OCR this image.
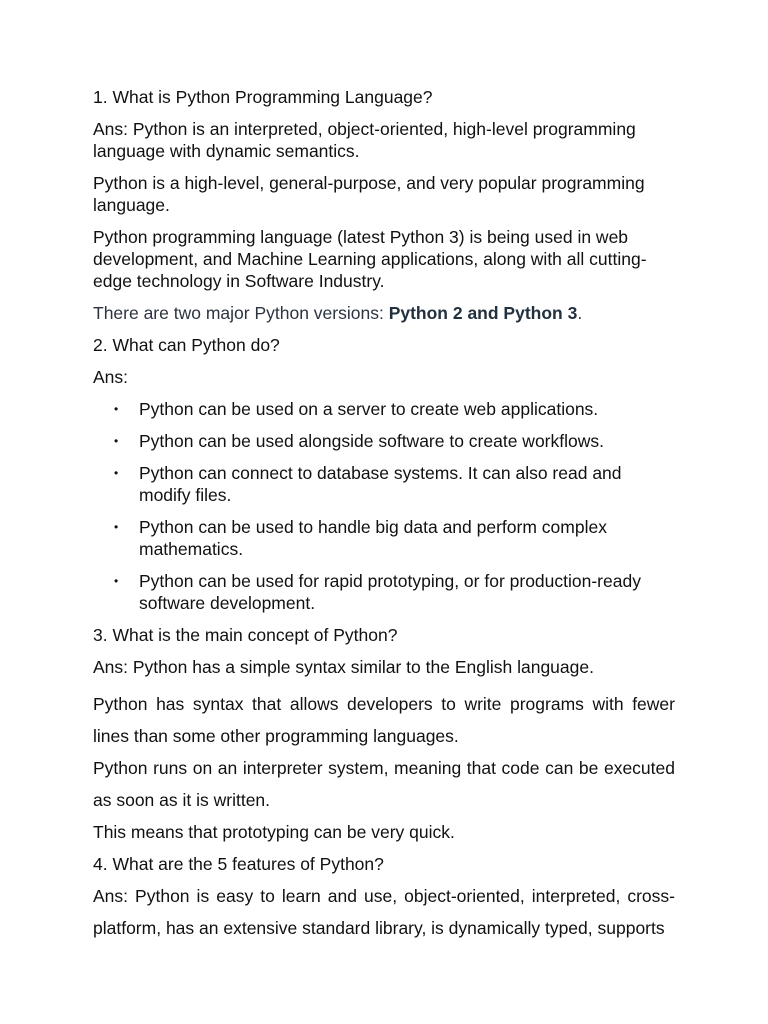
1. What is Python Programming Language?

Ans: Python is an interpreted, object-oriented, high-level programming language with dynamic semantics.

Python is a high-level, general-purpose, and very popular programming language.

Python programming language (latest Python 3) is being used in web development, and Machine Learning applications, along with all cutting-edge technology in Software Industry.

There are two major Python versions: Python 2 and Python 3.

2. What can Python do?

Ans:

• Python can be used on a server to create web applications.
• Python can be used alongside software to create workflows.
• Python can connect to database systems. It can also read and modify files.
• Python can be used to handle big data and perform complex mathematics.
• Python can be used for rapid prototyping, or for production-ready software development.

3. What is the main concept of Python?

Ans: Python has a simple syntax similar to the English language.

Python has syntax that allows developers to write programs with fewer lines than some other programming languages.

Python runs on an interpreter system, meaning that code can be executed as soon as it is written.

This means that prototyping can be very quick.

4. What are the 5 features of Python?

Ans: Python is easy to learn and use, object-oriented, interpreted, cross-platform, has an extensive standard library, is dynamically typed, supports
